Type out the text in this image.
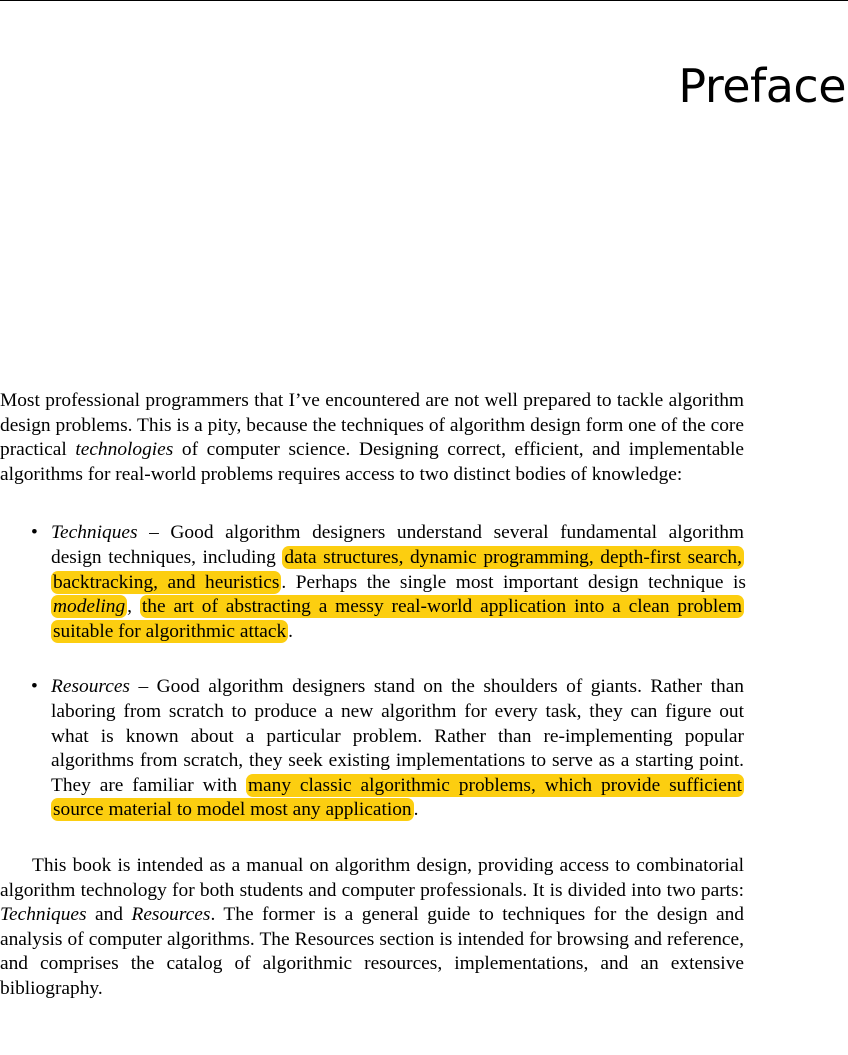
Preface

Most professional programmers that I’ve encountered are not well prepared to tackle algorithm design problems. This is a pity, because the techniques of algorithm design form one of the core practical technologies of computer science. Designing correct, efficient, and implementable algorithms for real-world problems requires access to two distinct bodies of knowledge:

• Techniques – Good algorithm designers understand several fundamental algorithm design techniques, including data structures, dynamic programming, depth-first search, backtracking, and heuristics . Perhaps the single most important design technique is modeling , the art of abstracting a messy real-world application into a clean problem suitable for algorithmic attack .
• Resources – Good algorithm designers stand on the shoulders of giants. Rather than laboring from scratch to produce a new algorithm for every task, they can figure out what is known about a particular problem. Rather than re-implementing popular algorithms from scratch, they seek existing implementations to serve as a starting point. They are familiar with many classic algorithmic problems, which provide sufficient source material to model most any application .

This book is intended as a manual on algorithm design, providing access to combinatorial algorithm technology for both students and computer professionals. It is divided into two parts: Techniques and Resources. The former is a general guide to techniques for the design and analysis of computer algorithms. The Resources section is intended for browsing and reference, and comprises the catalog of algorithmic resources, implementations, and an extensive bibliography.
